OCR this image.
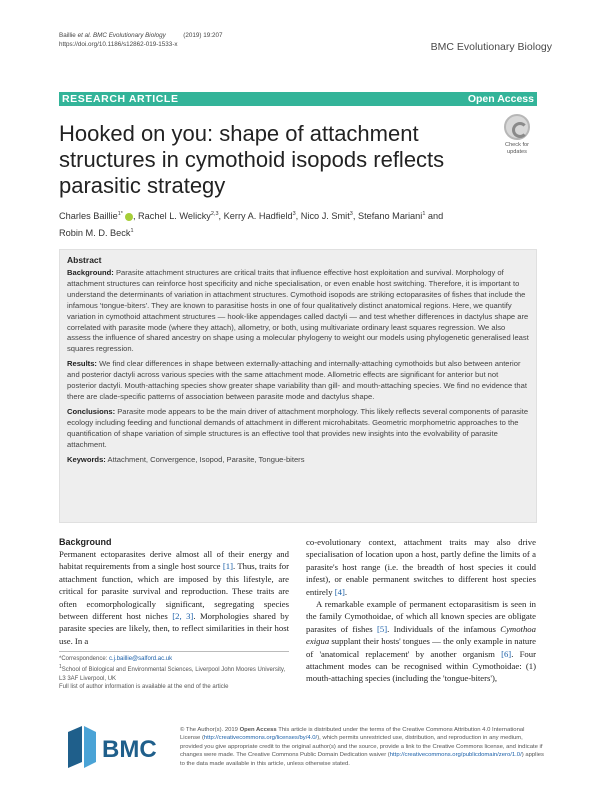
Baillie et al. BMC Evolutionary Biology	(2019) 19:207
https://doi.org/10.1186/s12862-019-1533-x	BMC Evolutionary Biology
RESEARCH ARTICLE	Open Access
Hooked on you: shape of attachment structures in cymothoid isopods reflects parasitic strategy
Check for
updates
Charles Baillie$^{1*}$ , Rachel L. Welicky$^{2,3}$, Kerry A. Hadfield$^3$, Nico J. Smit$^3$, Stefano Mariani$^1$ and
Robin M. D. Beck$^1$
Abstract

Background: Parasite attachment structures are critical traits that influence effective host exploitation and survival. Morphology of attachment structures can reinforce host specificity and niche specialisation, or even enable host switching. Therefore, it is important to understand the determinants of variation in attachment structures. Cymothoid isopods are striking ectoparasites of fishes that include the infamous 'tongue-biters'. They are known to parasitise hosts in one of four qualitatively distinct anatomical regions. Here, we quantify variation in cymothoid attachment structures — hook-like appendages called dactyli — and test whether differences in dactylus shape are correlated with parasite mode (where they attach), allometry, or both, using multivariate ordinary least squares regression. We also assess the influence of shared ancestry on shape using a molecular phylogeny to weight our models using phylogenetic generalised least squares regression.

Results: We find clear differences in shape between externally-attaching and internally-attaching cymothoids but also between anterior and posterior dactyli across various species with the same attachment mode. Allometric effects are significant for anterior but not posterior dactyli. Mouth-attaching species show greater shape variability than gill- and mouth-attaching species. We find no evidence that there are clade-specific patterns of association between parasite mode and dactylus shape.

Conclusions: Parasite mode appears to be the main driver of attachment morphology. This likely reflects several components of parasite ecology including feeding and functional demands of attachment in different microhabitats. Geometric morphometric approaches to the quantification of shape variation of simple structures is an effective tool that provides new insights into the evolvability of parasite attachment.

Keywords: Attachment, Convergence, Isopod, Parasite, Tongue-biters

Background

Permanent ectoparasites derive almost all of their energy and habitat requirements from a single host source [1]. Thus, traits for attachment function, which are imposed by this lifestyle, are critical for parasite survival and reproduction. These traits are often ecomorphologically significant, segregating species between different host niches [2, 3]. Morphologies shared by parasite species are likely, then, to reflect similarities in their host use. In a

*Correspondence: c.j.baillie@salford.ac.uk
$^1$School of Biological and Environmental Sciences, Liverpool John Moores University, L3 3AF Liverpool, UK
Full list of author information is available at the end of the article

co-evolutionary context, attachment traits may also drive specialisation of location upon a host, partly define the limits of a parasite's host range (i.e. the breadth of host species it could infest), or enable permanent switches to different host species entirely [4].

A remarkable example of permanent ectoparasitism is seen in the family Cymothoidae, of which all known species are obligate parasites of fishes [5]. Individuals of the infamous Cymothoa exigua supplant their hosts' tongues — the only example in nature of 'anatomical replacement' by another organism [6]. Four attachment modes can be recognised within Cymothoidae: (1) mouth-attaching species (including the 'tongue-biters'),

BMC
© The Author(s). 2019 Open Access This article is distributed under the terms of the Creative Commons Attribution 4.0 International License (http://creativecommons.org/licenses/by/4.0/), which permits unrestricted use, distribution, and reproduction in any medium, provided you give appropriate credit to the original author(s) and the source, provide a link to the Creative Commons license, and indicate if changes were made. The Creative Commons Public Domain Dedication waiver (http://creativecommons.org/publicdomain/zero/1.0/) applies to the data made available in this article, unless otherwise stated.
